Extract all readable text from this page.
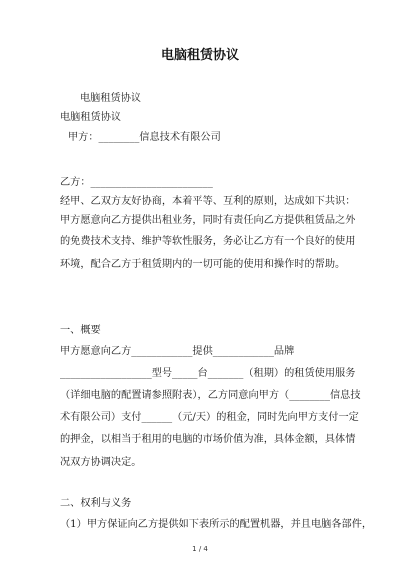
电脑租赁协议
电脑租赁协议
电脑租赁协议
甲方：________信息技术有限公司
乙方：________________________
经甲、乙双方友好协商，本着平等、互利的原则，达成如下共识：
甲方愿意向乙方提供出租业务，同时有责任向乙方提供租赁品之外
的免费技术支持、维护等软性服务，务必让乙方有一个良好的使用
环境，配合乙方于租赁期内的一切可能的使用和操作时的帮助。
一、概要
甲方愿意向乙方____________提供____________品牌
__________________型号_____台_______（租期）的租赁使用服务
（详细电脑的配置请参照附表），乙方同意向甲方（________信息技
术有限公司）支付______（元/天）的租金，同时先向甲方支付一定
的押金，以相当于租用的电脑的市场价值为准，具体金额，具体情
况双方协调决定。
二、权利与义务
（1）甲方保证向乙方提供如下表所示的配置机器，并且电脑各部件，
1 / 4
